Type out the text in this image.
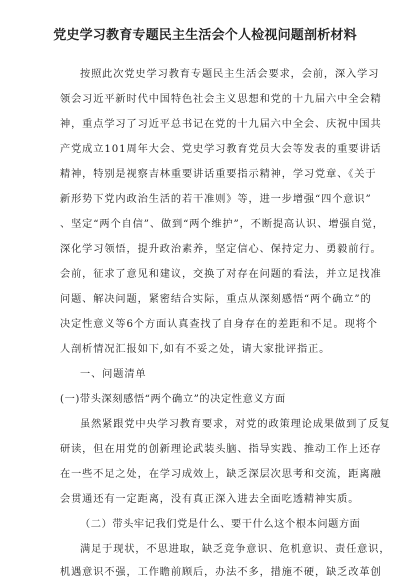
党史学习教育专题民主生活会个人检视问题剖析材料
按照此次党史学习教育专题民主生活会要求，会前，深入学习
领会习近平新时代中国特色社会主义思想和党的十九届六中全会精
神，重点学习了习近平总书记在党的十九届六中全会、庆祝中国共
产党成立101周年大会、党史学习教育党员大会等发表的重要讲话
精神，特别是视察吉林重要讲话重要指示精神，学习党章、《关于
新形势下党内政治生活的若干准则》等，进一步增强“四个意识”
、坚定“两个自信”、做到“两个维护”，不断提高认识、增强自觉，
深化学习领悟，提升政治素养，坚定信心、保持定力、勇毅前行。
会前，征求了意见和建议，交换了对存在问题的看法，并立足找准
问题、解决问题，紧密结合实际，重点从深刻感悟“两个确立”的
决定性意义等6个方面认真查找了自身存在的差距和不足。现将个
人剖析情况汇报如下,如有不妥之处，请大家批评指正。
一、问题清单
(一)带头深刻感悟“两个确立”的决定性意义方面
虽然紧跟党中央学习教育要求，对党的政策理论成果做到了反复
研读，但在用党的创新理论武装头脑、指导实践、推动工作上还存
在一些不足之处，在学习成效上，缺乏深层次思考和交流，距离融
会贯通还有一定距离，没有真正深入进去全面吃透精神实质。
（二）带头牢记我们党是什么、要干什么这个根本问题方面
满足于现状，不思进取，缺乏竞争意识、危机意识、责任意识，
机遇意识不强，工作瞻前顾后，办法不多，措施不硬，缺乏改革创
